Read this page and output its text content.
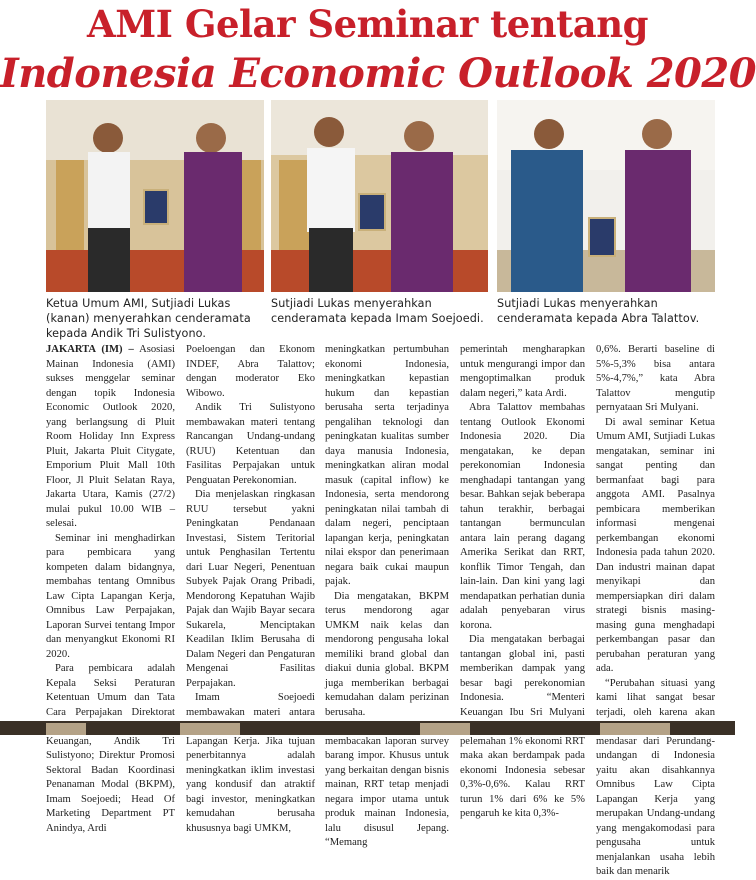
AMI Gelar Seminar tentang
Indonesia Economic Outlook 2020
Ketua Umum AMI, Sutjiadi Lukas (kanan) menyerahkan cenderamata kepada Andik Tri Sulistyono.
Sutjiadi Lukas menyerahkan cenderamata kepada Imam Soejoedi.
Sutjiadi Lukas menyerahkan cenderamata kepada Abra Talattov.

JAKARTA (IM) – Asosiasi Mainan Indonesia (AMI) sukses menggelar seminar dengan topik Indonesia Economic Outlook 2020, yang berlangsung di Pluit Room Holiday Inn Express Pluit, Jakarta Pluit Citygate, Emporium Pluit Mall 10th Floor, Jl Pluit Selatan Raya, Jakarta Utara, Kamis (27/2) mulai pukul 10.00 WIB – selesai.

Seminar ini menghadirkan para pembicara yang kompeten dalam bidangnya, membahas tentang Omnibus Law Cipta Lapangan Kerja, Omnibus Law Perpajakan, Laporan Survei tentang Impor dan menyangkut Ekonomi RI 2020.

Para pembicara adalah Kepala Seksi Peraturan Ketentuan Umum dan Tata Cara Perpajakan Direktorat Keuangan, Andik Tri Sulistyono; Direktur Promosi Sektoral Badan Koordinasi Penanaman Modal (BKPM), Imam Soejoedi; Head Of Marketing Department PT Anindya, Ardi

Poeloengan dan Ekonom INDEF, Abra Talattov; dengan moderator Eko Wibowo.

Andik Tri Sulistyono membawakan materi tentang Rancangan Undang-undang (RUU) Ketentuan dan Fasilitas Perpajakan untuk Penguatan Perekonomian.

Dia menjelaskan ringkasan RUU tersebut yakni Peningkatan Pendanaan Investasi, Sistem Teritorial untuk Penghasilan Tertentu dari Luar Negeri, Penentuan Subyek Pajak Orang Pribadi, Mendorong Kepatuhan Wajib Pajak dan Wajib Bayar secara Sukarela, Menciptakan Keadilan Iklim Berusaha di Dalam Negeri dan Pengaturan Mengenai Fasilitas Perpajakan.

Imam Soejoedi membawakan materi antara Lapangan Kerja. Jika tujuan penerbitannya adalah meningkatkan iklim investasi yang kondusif dan atraktif bagi investor, meningkatkan kemudahan berusaha khususnya bagi UMKM,

meningkatkan pertumbuhan ekonomi Indonesia, meningkatkan kepastian hukum dan kepastian berusaha serta terjadinya pengalihan teknologi dan peningkatan kualitas sumber daya manusia Indonesia, meningkatkan aliran modal masuk (capital inflow) ke Indonesia, serta mendorong peningkatan nilai tambah di dalam negeri, penciptaan lapangan kerja, peningkatan nilai ekspor dan penerimaan negara baik cukai maupun pajak.

Dia mengatakan, BKPM terus mendorong agar UMKM naik kelas dan mendorong pengusaha lokal memiliki brand global dan diakui dunia global. BKPM juga memberikan berbagai kemudahan dalam perizinan berusaha.

membacakan laporan survey barang impor. Khusus untuk yang berkaitan dengan bisnis mainan, RRT tetap menjadi negara impor utama untuk produk mainan Indonesia, lalu disusul Jepang. “Memang

pemerintah mengharapkan untuk mengurangi impor dan mengoptimalkan produk dalam negeri,” kata Ardi.

Abra Talattov membahas tentang Outlook Ekonomi Indonesia 2020. Dia mengatakan, ke depan perekonomian Indonesia menghadapi tantangan yang besar. Bahkan sejak beberapa tahun terakhir, berbagai tantangan bermunculan antara lain perang dagang Amerika Serikat dan RRT, konflik Timor Tengah, dan lain-lain. Dan kini yang lagi mendapatkan perhatian dunia adalah penyebaran virus korona.

Dia mengatakan berbagai tantangan global ini, pasti memberikan dampak yang besar bagi perekonomian Indonesia. “Menteri Keuangan Ibu Sri Mulyani pelemahan 1% ekonomi RRT maka akan berdampak pada ekonomi Indonesia sebesar 0,3%-0,6%. Kalau RRT turun 1% dari 6% ke 5% pengaruh ke kita 0,3%-

0,6%. Berarti baseline di 5%-5,3% bisa antara 5%-4,7%,” kata Abra Talattov mengutip pernyataan Sri Mulyani.

Di awal seminar Ketua Umum AMI, Sutjiadi Lukas mengatakan, seminar ini sangat penting dan bermanfaat bagi para anggota AMI. Pasalnya pembicara memberikan informasi mengenai perkembangan ekonomi Indonesia pada tahun 2020. Dan industri mainan dapat menyikapi dan mempersiapkan diri dalam strategi bisnis masing-masing guna menghadapi perkembangan pasar dan perubahan peraturan yang ada.

“Perubahan situasi yang kami lihat sangat besar terjadi, oleh karena akan mendasar dari Perundang-undangan di Indonesia yaitu akan disahkannya Omnibus Law Cipta Lapangan Kerja yang merupakan Undang-undang yang mengakomodasi para pengusaha untuk menjalankan usaha lebih baik dan menarik
